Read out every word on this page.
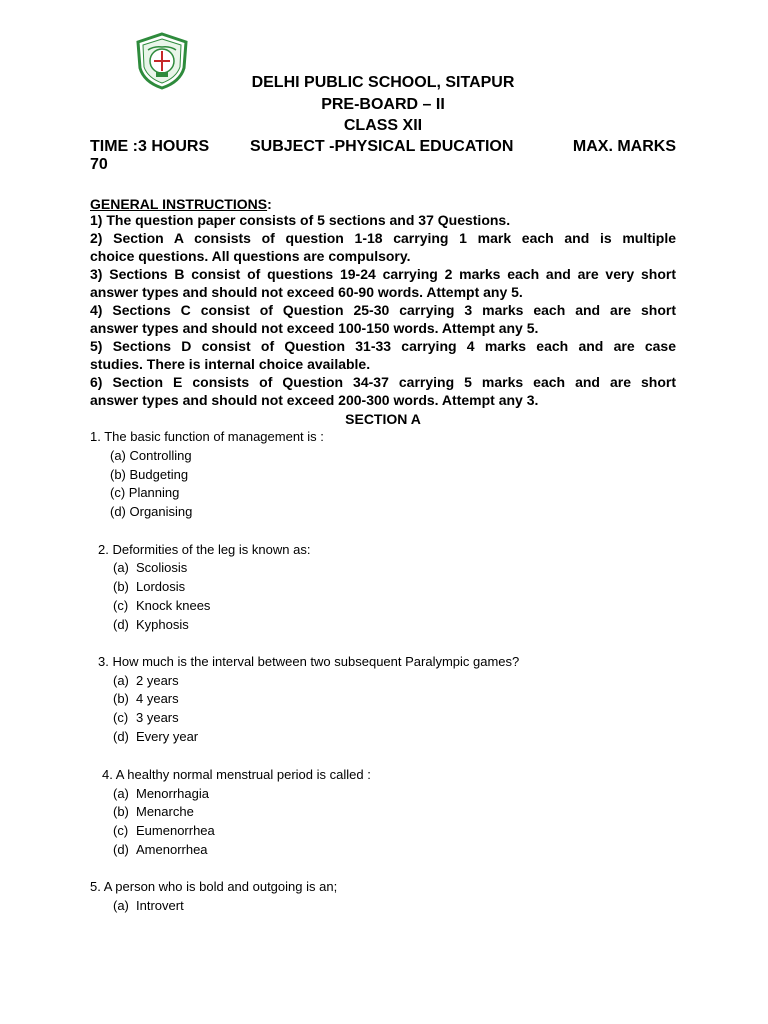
DELHI PUBLIC SCHOOL, SITAPUR
PRE-BOARD – II
CLASS XII
TIME :3 HOURS	SUBJECT -PHYSICAL EDUCATION	MAX. MARKS
70
GENERAL INSTRUCTIONS:
1) The question paper consists of 5 sections and 37 Questions.
2) Section A consists of question 1-18 carrying 1 mark each and is multiple
choice questions. All questions are compulsory.
3) Sections B consist of questions 19-24 carrying 2 marks each and are very short
answer types and should not exceed 60-90 words. Attempt any 5.
4) Sections C consist of Question 25-30 carrying 3 marks each and are short
answer types and should not exceed 100-150 words. Attempt any 5.
5) Sections D consist of Question 31-33 carrying 4 marks each and are case
studies. There is internal choice available.
6) Section E consists of Question 34-37 carrying 5 marks each and are short
answer types and should not exceed 200-300 words. Attempt any 3.
SECTION A
1. The basic function of management is :
(a) Controlling
(b) Budgeting
(c) Planning
(d) Organising
2. Deformities of the leg is known as:
(a) Scoliosis
(b) Lordosis
(c) Knock knees
(d) Kyphosis
3. How much is the interval between two subsequent Paralympic games?
(a) 2 years
(b) 4 years
(c) 3 years
(d) Every year
4. A healthy normal menstrual period is called :
(a) Menorrhagia
(b) Menarche
(c) Eumenorrhea
(d) Amenorrhea
5. A person who is bold and outgoing is an;
(a) Introvert
